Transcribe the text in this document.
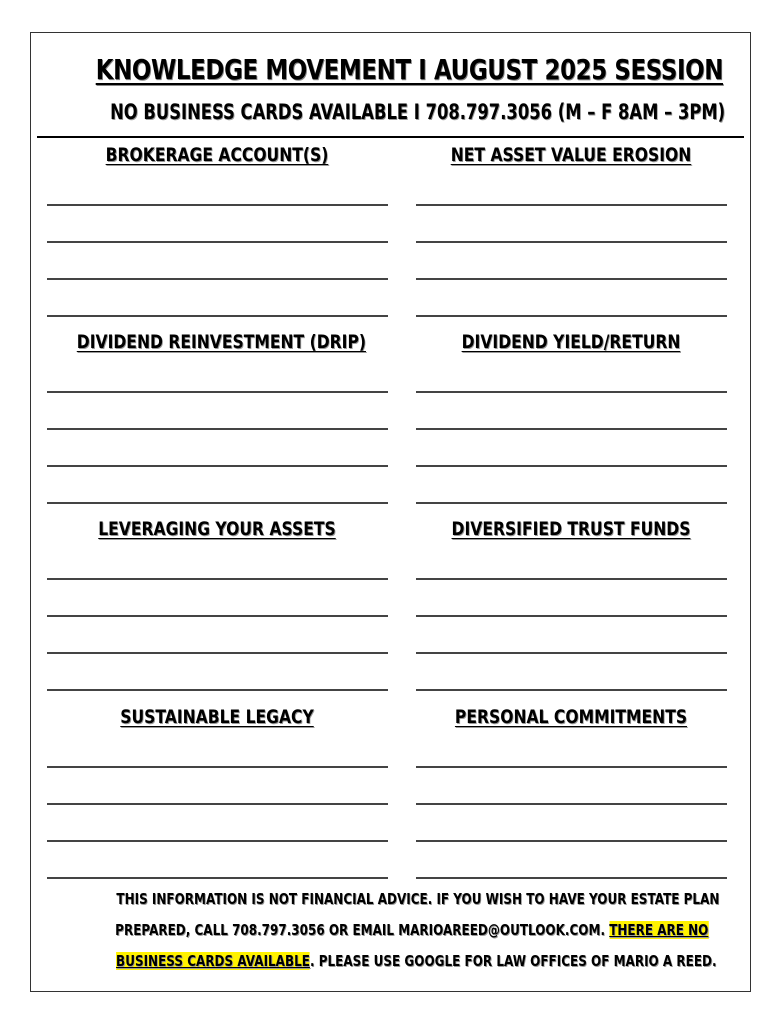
KNOWLEDGE MOVEMENT I AUGUST 2025 SESSION
NO BUSINESS CARDS AVAILABLE I 708.797.3056 (M – F 8AM – 3PM)
BROKERAGE ACCOUNT(S)	NET ASSET VALUE EROSION
DIVIDEND REINVESTMENT (DRIP)	DIVIDEND YIELD/RETURN
LEVERAGING YOUR ASSETS	DIVERSIFIED TRUST FUNDS
SUSTAINABLE LEGACY	PERSONAL COMMITMENTS
THIS INFORMATION IS NOT FINANCIAL ADVICE. IF YOU WISH TO HAVE YOUR ESTATE PLAN
PREPARED, CALL 708.797.3056 OR EMAIL MARIOAREED@OUTLOOK.COM. THERE ARE NO
BUSINESS CARDS AVAILABLE. PLEASE USE GOOGLE FOR LAW OFFICES OF MARIO A REED.
